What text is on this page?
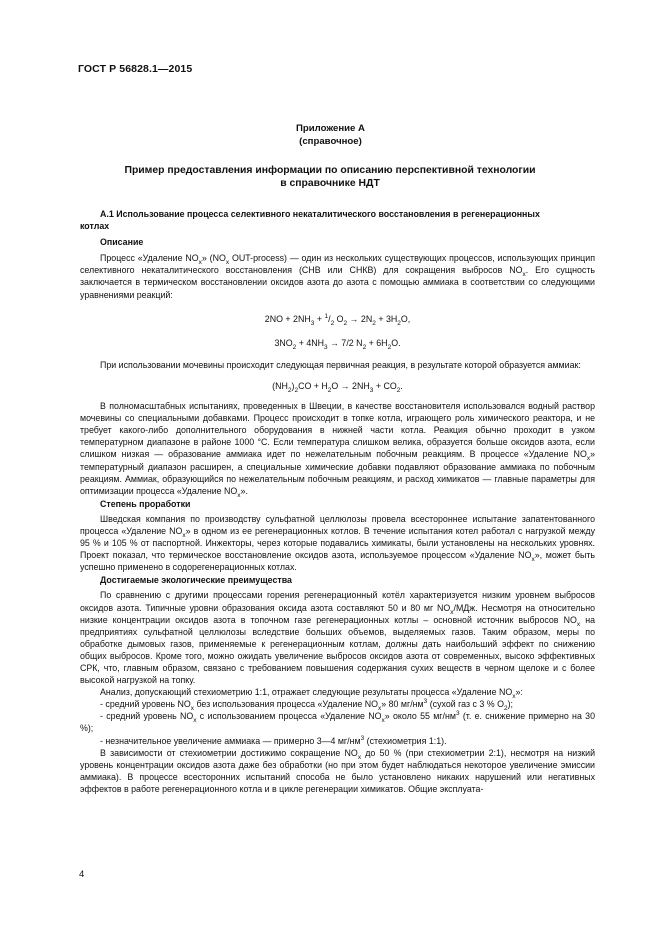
ГОСТ Р 56828.1—2015
Приложение А
(справочное)
Пример предоставления информации по описанию перспективной технологии
в справочнике НДТ

А.1 Использование процесса селективного некаталитического восстановления в регенерационных
котлах

Описание

Процесс «Удаление $NO_x$» ($NO_x$ OUT-process) — один из нескольких существующих процессов, использующих принцип селективного некаталитического восстановления (СНВ или СНКВ) для сокращения выбросов $NO_x$. Его сущность заключается в термическом восстановлении оксидов азота до азота с помощью аммиака в соответствии со следующими уравнениями реакций:

$2NO + 2NH_3 + ^1/_2$ $O_2 \to 2N_2 + 3H_2O$,

$3NO_2 + 4NH_3 \to 7/2$ $N_2 + 6H_2O$.

При использовании мочевины происходит следующая первичная реакция, в результате которой образуется аммиак:

$(NH_2)_2CO + H_2O \to 2NH_3 + CO_2$.

В полномасштабных испытаниях, проведенных в Швеции, в качестве восстановителя использовался водный раствор мочевины со специальными добавками. Процесс происходит в топке котла, играющего роль химического реактора, и не требует какого-либо дополнительного оборудования в нижней части котла. Реакция обычно проходит в узком температурном диапазоне в районе 1000 °С. Если температура слишком велика, образуется больше оксидов азота, если слишком низкая — образование аммиака идет по нежелательным побочным реакциям. В процессе «Удаление $NO_x$» температурный диапазон расширен, а специальные химические добавки подавляют образование аммиака по побочным реакциям. Аммиак, образующийся по нежелательным побочным реакциям, и расход химикатов — главные параметры для оптимизации процесса «Удаление $NO_x$».

Степень проработки

Шведская компания по производству сульфатной целлюлозы провела всестороннее испытание запатентованного процесса «Удаление $NO_x$» в одном из ее регенерационных котлов. В течение испытания котел работал с нагрузкой между 95 % и 105 % от паспортной. Инжекторы, через которые подавались химикаты, были установлены на нескольких уровнях. Проект показал, что термическое восстановление оксидов азота, используемое процессом «Удаление $NO_x$», может быть успешно применено в содорегенерационных котлах.

Достигаемые экологические преимущества

По сравнению с другими процессами горения регенерационный котёл характеризуется низким уровнем выбросов оксидов азота. Типичные уровни образования оксида азота составляют 50 и 80 мг $NO_x$/МДж. Несмотря на относительно низкие концентрации оксидов азота в топочном газе регенерационных котлы – основной источник выбросов $NO_x$ на предприятиях сульфатной целлюлозы вследствие больших объемов, выделяемых газов. Таким образом, меры по обработке дымовых газов, применяемые к регенерационным котлам, должны дать наибольший эффект по снижению общих выбросов. Кроме того, можно ожидать увеличение выбросов оксидов азота от современных, высоко эффективных СРК, что, главным образом, связано с требованием повышения содержания сухих веществ в черном щелоке и с более высокой нагрузкой на топку.

Анализ, допускающий стехиометрию 1:1, отражает следующие результаты процесса «Удаление $NO_x$»:

- средний уровень $NO_x$ без использования процесса «Удаление $NO_x$» 80 $мг/нм^3$ (сухой газ с 3 % $O_2$);

- средний уровень $NO_x$ с использованием процесса «Удаление $NO_x$» около 55 $мг/нм^3$ (т. е. снижение примерно на 30 %);

- незначительное увеличение аммиака — примерно 3—4 $мг/нм^3$ (стехиометрия 1:1).

В зависимости от стехиометрии достижимо сокращение $NO_x$ до 50 % (при стехиометрии 2:1), несмотря на низкий уровень концентрации оксидов азота даже без обработки (но при этом будет наблюдаться некоторое увеличение эмиссии аммиака). В процессе всесторонних испытаний способа не было установлено никаких нарушений или негативных эффектов в работе регенерационного котла и в цикле регенерации химикатов. Общие эксплуата-

4
